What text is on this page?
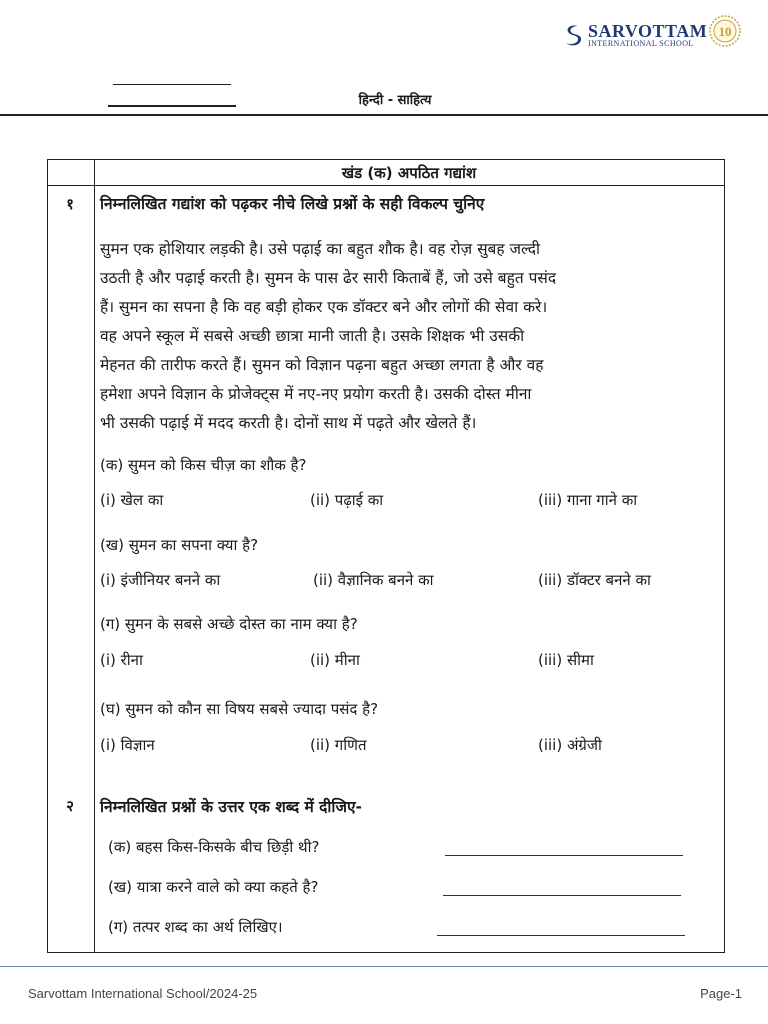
SARVOTTAM
INTERNATIONAL SCHOOL
10
हिन्दी - साहित्य
खंड (क) अपठित गद्यांश
१	निम्नलिखित गद्यांश को पढ़कर नीचे लिखे प्रश्नों के सही विकल्प चुनिए
सुमन एक होशियार लड़की है। उसे पढ़ाई का बहुत शौक है। वह रोज़ सुबह जल्दी
उठती है और पढ़ाई करती है। सुमन के पास ढेर सारी किताबें हैं, जो उसे बहुत पसंद
हैं। सुमन का सपना है कि वह बड़ी होकर एक डॉक्टर बने और लोगों की सेवा करे।
वह अपने स्कूल में सबसे अच्छी छात्रा मानी जाती है। उसके शिक्षक भी उसकी
मेहनत की तारीफ करते हैं। सुमन को विज्ञान पढ़ना बहुत अच्छा लगता है और वह
हमेशा अपने विज्ञान के प्रोजेक्ट्स में नए-नए प्रयोग करती है। उसकी दोस्त मीना
भी उसकी पढ़ाई में मदद करती है। दोनों साथ में पढ़ते और खेलते हैं।
(क) सुमन को किस चीज़ का शौक है?
(i) खेल का	(ii) पढ़ाई का	(iii) गाना गाने का
(ख) सुमन का सपना क्या है?
(i) इंजीनियर बनने का	(ii) वैज्ञानिक बनने का	(iii) डॉक्टर बनने का
(ग) सुमन के सबसे अच्छे दोस्त का नाम क्या है?
(i) रीना	(ii) मीना	(iii) सीमा
(घ) सुमन को कौन सा विषय सबसे ज्यादा पसंद है?
(i) विज्ञान	(ii) गणित	(iii) अंग्रेजी
२	निम्नलिखित प्रश्नों के उत्तर एक शब्द में दीजिए-
(क) बहस किस-किसके बीच छिड़ी थी?
(ख) यात्रा करने वाले को क्या कहते है?
(ग) तत्पर शब्द का अर्थ लिखिए।
Sarvottam International School/2024-25	Page-1
